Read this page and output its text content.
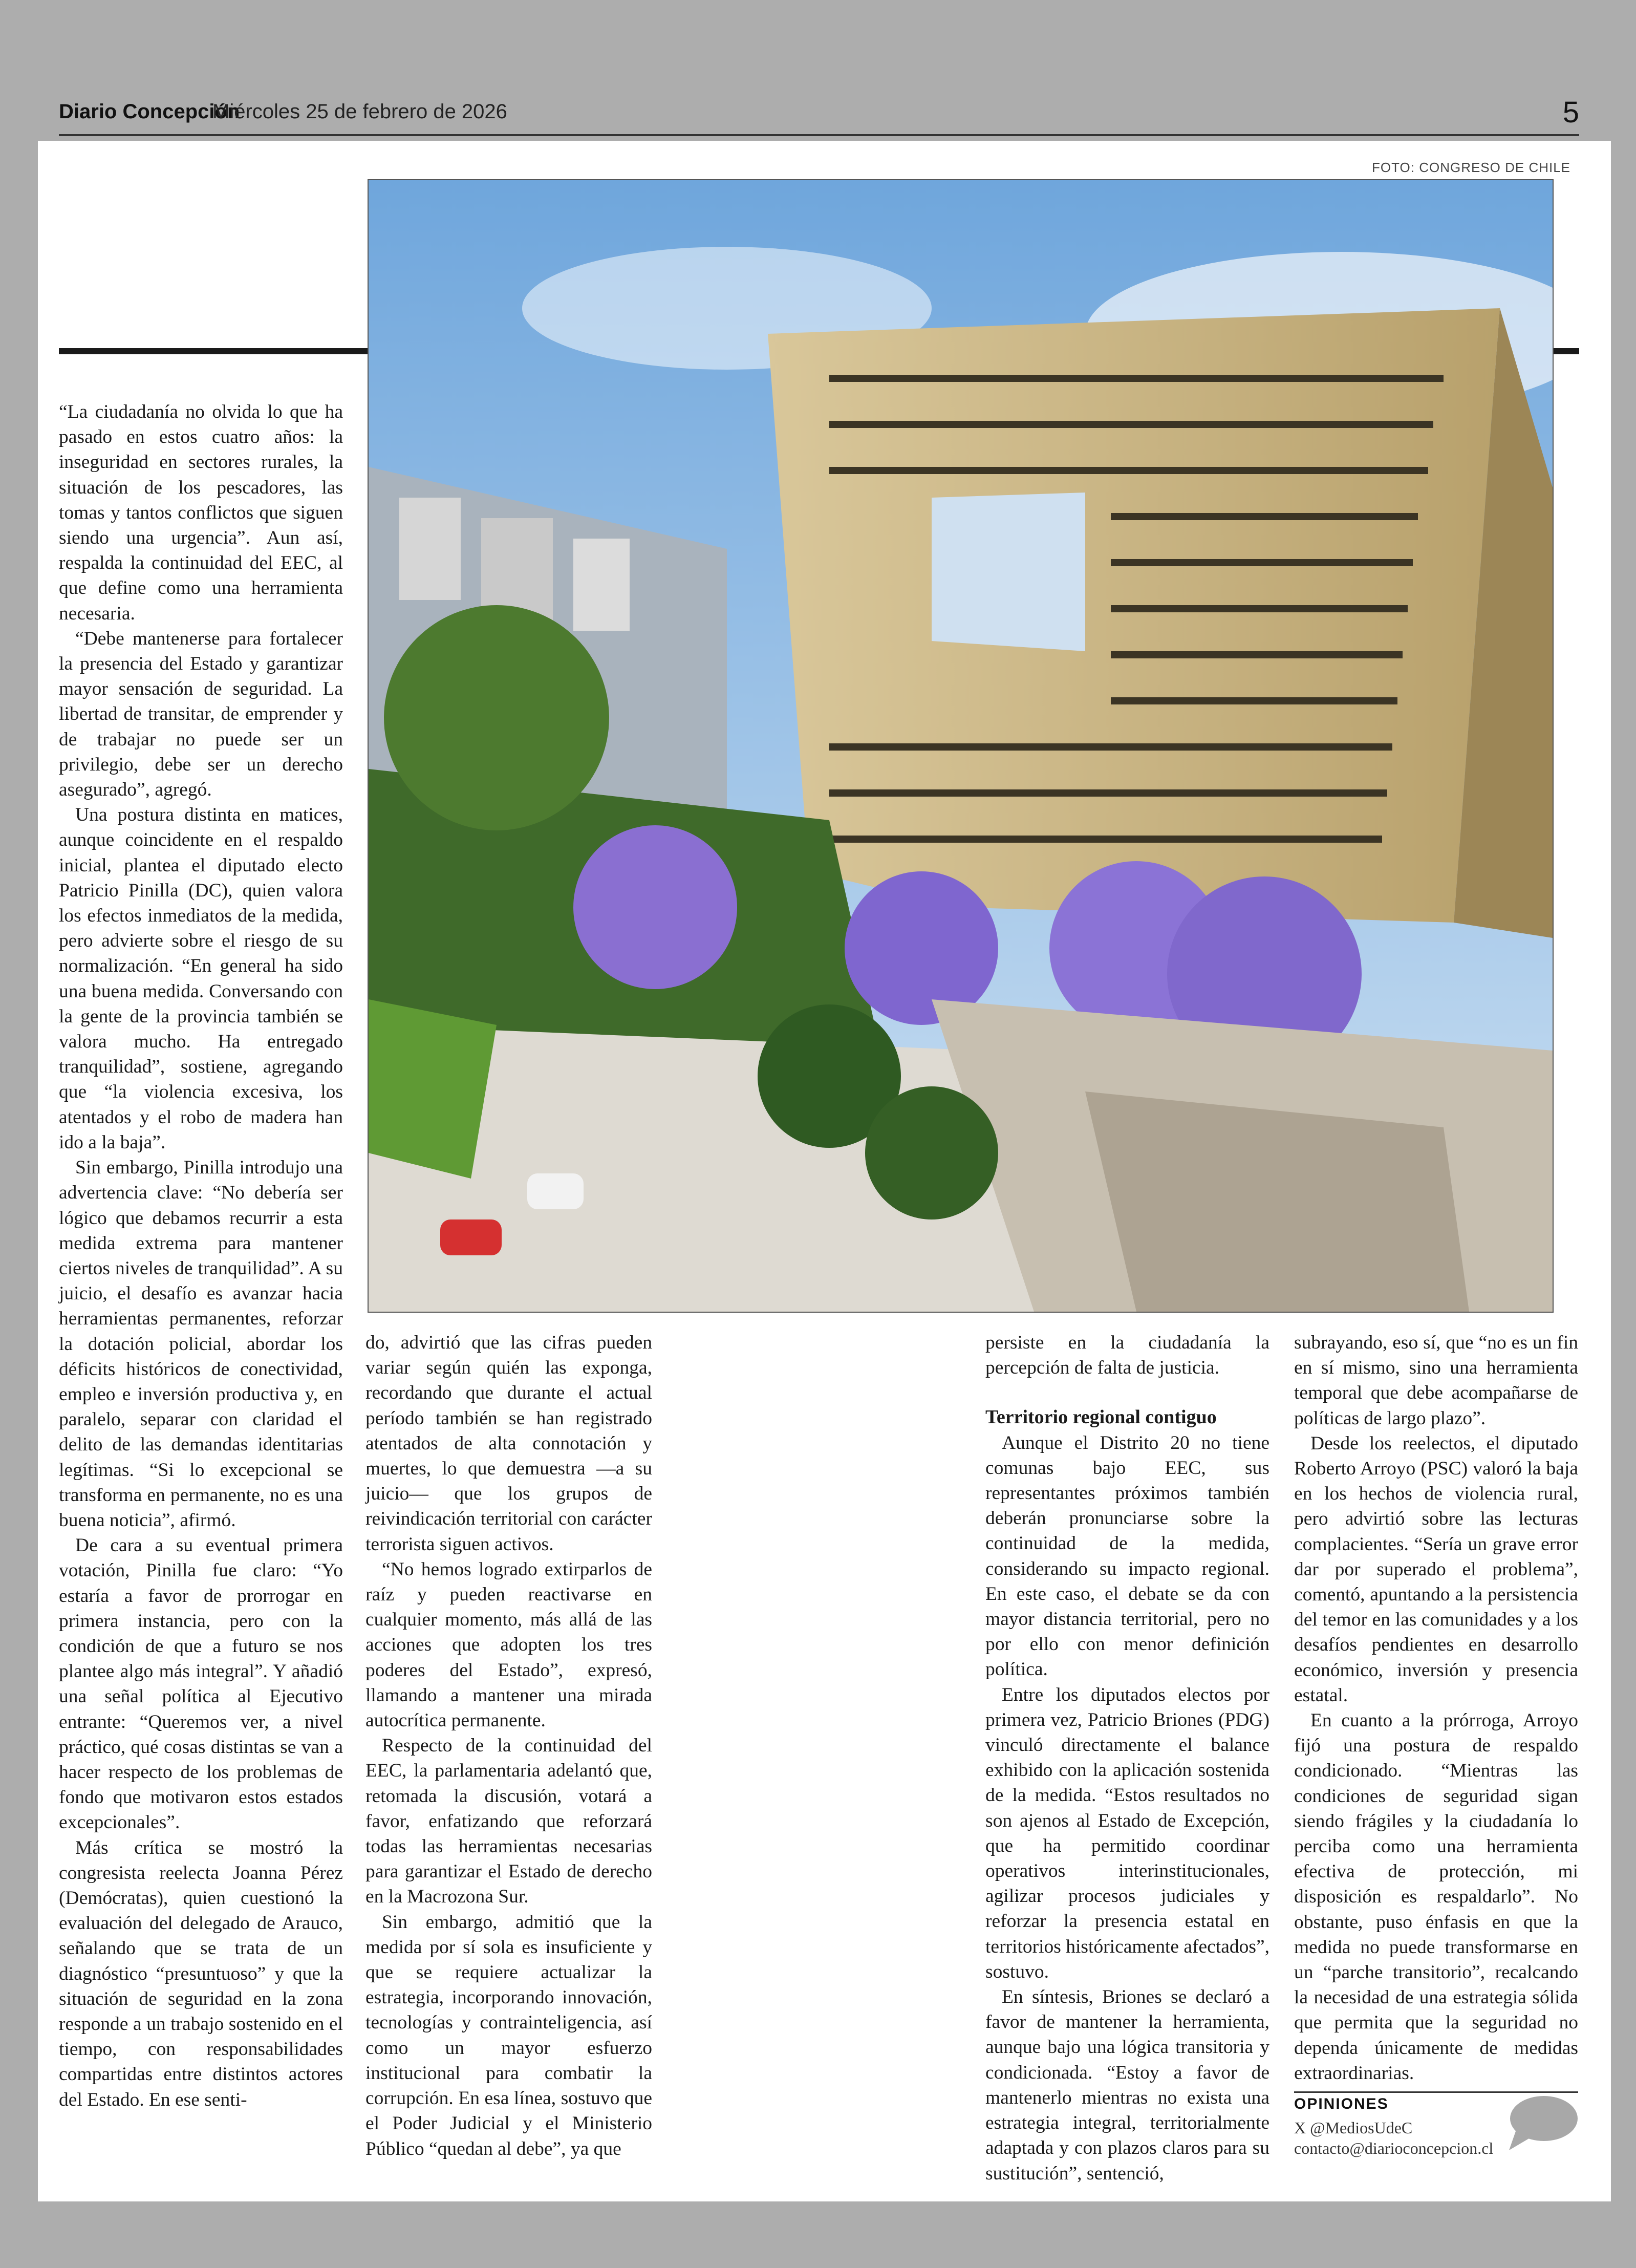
Diario Concepción
Miércoles 25 de febrero de 2026	5
FOTO: CONGRESO DE CHILE

“La ciudadanía no olvida lo que ha pasado en estos cuatro años: la inseguridad en sectores rurales, la situación de los pescadores, las tomas y tantos conflictos que siguen siendo una urgencia”. Aun así, respalda la continuidad del EEC, al que define como una herramienta necesaria.

“Debe mantenerse para fortalecer la presencia del Estado y garantizar mayor sensación de seguridad. La libertad de transitar, de emprender y de trabajar no puede ser un privilegio, debe ser un derecho asegurado”, agregó.

Una postura distinta en matices, aunque coincidente en el respaldo inicial, plantea el diputado electo Patricio Pinilla (DC), quien valora los efectos inmediatos de la medida, pero advierte sobre el riesgo de su normalización. “En general ha sido una buena medida. Conversando con la gente de la provincia también se valora mucho. Ha entregado tranquilidad”, sostiene, agregando que “la violencia excesiva, los atentados y el robo de madera han ido a la baja”.

Sin embargo, Pinilla introdujo una advertencia clave: “No debería ser lógico que debamos recurrir a esta medida extrema para mantener ciertos niveles de tranquilidad”. A su juicio, el desafío es avanzar hacia herramientas permanentes, reforzar la dotación policial, abordar los déficits históricos de conectividad, empleo e inversión productiva y, en paralelo, separar con claridad el delito de las demandas identitarias legítimas. “Si lo excepcional se transforma en permanente, no es una buena noticia”, afirmó.

De cara a su eventual primera votación, Pinilla fue claro: “Yo estaría a favor de prorrogar en primera instancia, pero con la condición de que a futuro se nos plantee algo más integral”. Y añadió una señal política al Ejecutivo entrante: “Queremos ver, a nivel práctico, qué cosas distintas se van a hacer respecto de los problemas de fondo que motivaron estos estados excepcionales”.

Más crítica se mostró la congresista reelecta Joanna Pérez (Demócratas), quien cuestionó la evaluación del delegado de Arauco, señalando que se trata de un diagnóstico “presuntuoso” y que la situación de seguridad en la zona responde a un trabajo sostenido en el tiempo, con responsabilidades compartidas entre distintos actores del Estado. En ese senti-

do, advirtió que las cifras pueden variar según quién las exponga, recordando que durante el actual período también se han registrado atentados de alta connotación y muertes, lo que demuestra —a su juicio— que los grupos de reivindicación territorial con carácter terrorista siguen activos.

“No hemos logrado extirparlos de raíz y pueden reactivarse en cualquier momento, más allá de las acciones que adopten los tres poderes del Estado”, expresó, llamando a mantener una mirada autocrítica permanente.

Respecto de la continuidad del EEC, la parlamentaria adelantó que, retomada la discusión, votará a favor, enfatizando que reforzará todas las herramientas necesarias para garantizar el Estado de derecho en la Macrozona Sur.

Sin embargo, admitió que la medida por sí sola es insuficiente y que se requiere actualizar la estrategia, incorporando innovación, tecnologías y contrainteligencia, así como un mayor esfuerzo institucional para combatir la corrupción. En esa línea, sostuvo que el Poder Judicial y el Ministerio Público “quedan al debe”, ya que

persiste en la ciudadanía la percepción de falta de justicia.

Territorio regional contiguo

Aunque el Distrito 20 no tiene comunas bajo EEC, sus representantes próximos también deberán pronunciarse sobre la continuidad de la medida, considerando su impacto regional. En este caso, el debate se da con mayor distancia territorial, pero no por ello con menor definición política.

Entre los diputados electos por primera vez, Patricio Briones (PDG) vinculó directamente el balance exhibido con la aplicación sostenida de la medida. “Estos resultados no son ajenos al Estado de Excepción, que ha permitido coordinar operativos interinstitucionales, agilizar procesos judiciales y reforzar la presencia estatal en territorios históricamente afectados”, sostuvo.

En síntesis, Briones se declaró a favor de mantener la herramienta, aunque bajo una lógica transitoria y condicionada. “Estoy a favor de mantenerlo mientras no exista una estrategia integral, territorialmente adaptada y con plazos claros para su sustitución”, sentenció,

subrayando, eso sí, que “no es un fin en sí mismo, sino una herramienta temporal que debe acompañarse de políticas de largo plazo”.

Desde los reelectos, el diputado Roberto Arroyo (PSC) valoró la baja en los hechos de violencia rural, pero advirtió sobre las lecturas complacientes. “Sería un grave error dar por superado el problema”, comentó, apuntando a la persistencia del temor en las comunidades y a los desafíos pendientes en desarrollo económico, inversión y presencia estatal.

En cuanto a la prórroga, Arroyo fijó una postura de respaldo condicionado. “Mientras las condiciones de seguridad sigan siendo frágiles y la ciudadanía lo perciba como una herramienta efectiva de protección, mi disposición es respaldarlo”. No obstante, puso énfasis en que la medida no puede transformarse en un “parche transitorio”, recalcando la necesidad de una estrategia sólida que permita que la seguridad no dependa únicamente de medidas extraordinarias.

OPINIONES
X @MediosUdeC
contacto@diarioconcepcion.cl
